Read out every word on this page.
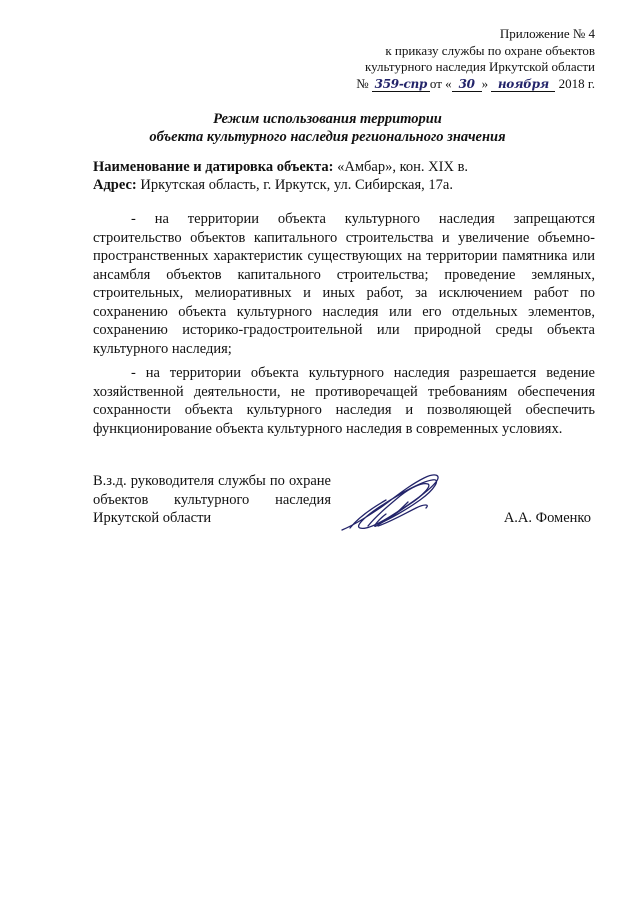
Приложение № 4
к приказу службы по охране объектов
культурного наследия Иркутской области
№ 359-спр от « 30 » ноября 2018 г.
Режим использования территории
объекта культурного наследия регионального значения
Наименование и датировка объекта: «Амбар», кон. XIX в.
Адрес: Иркутская область, г. Иркутск, ул. Сибирская, 17а.
- на территории объекта культурного наследия запрещаются строительство объектов капитального строительства и увеличение объемно-пространственных характеристик существующих на территории памятника или ансамбля объектов капитального строительства; проведение земляных, строительных, мелиоративных и иных работ, за исключением работ по сохранению объекта культурного наследия или его отдельных элементов, сохранению историко-градостроительной или природной среды объекта культурного наследия;
- на территории объекта культурного наследия разрешается ведение хозяйственной деятельности, не противоречащей требованиям обеспечения сохранности объекта культурного наследия и позволяющей обеспечить функционирование объекта культурного наследия в современных условиях.
В.з.д. руководителя службы по охране объектов культурного наследия Иркутской области	А.А. Фоменко
